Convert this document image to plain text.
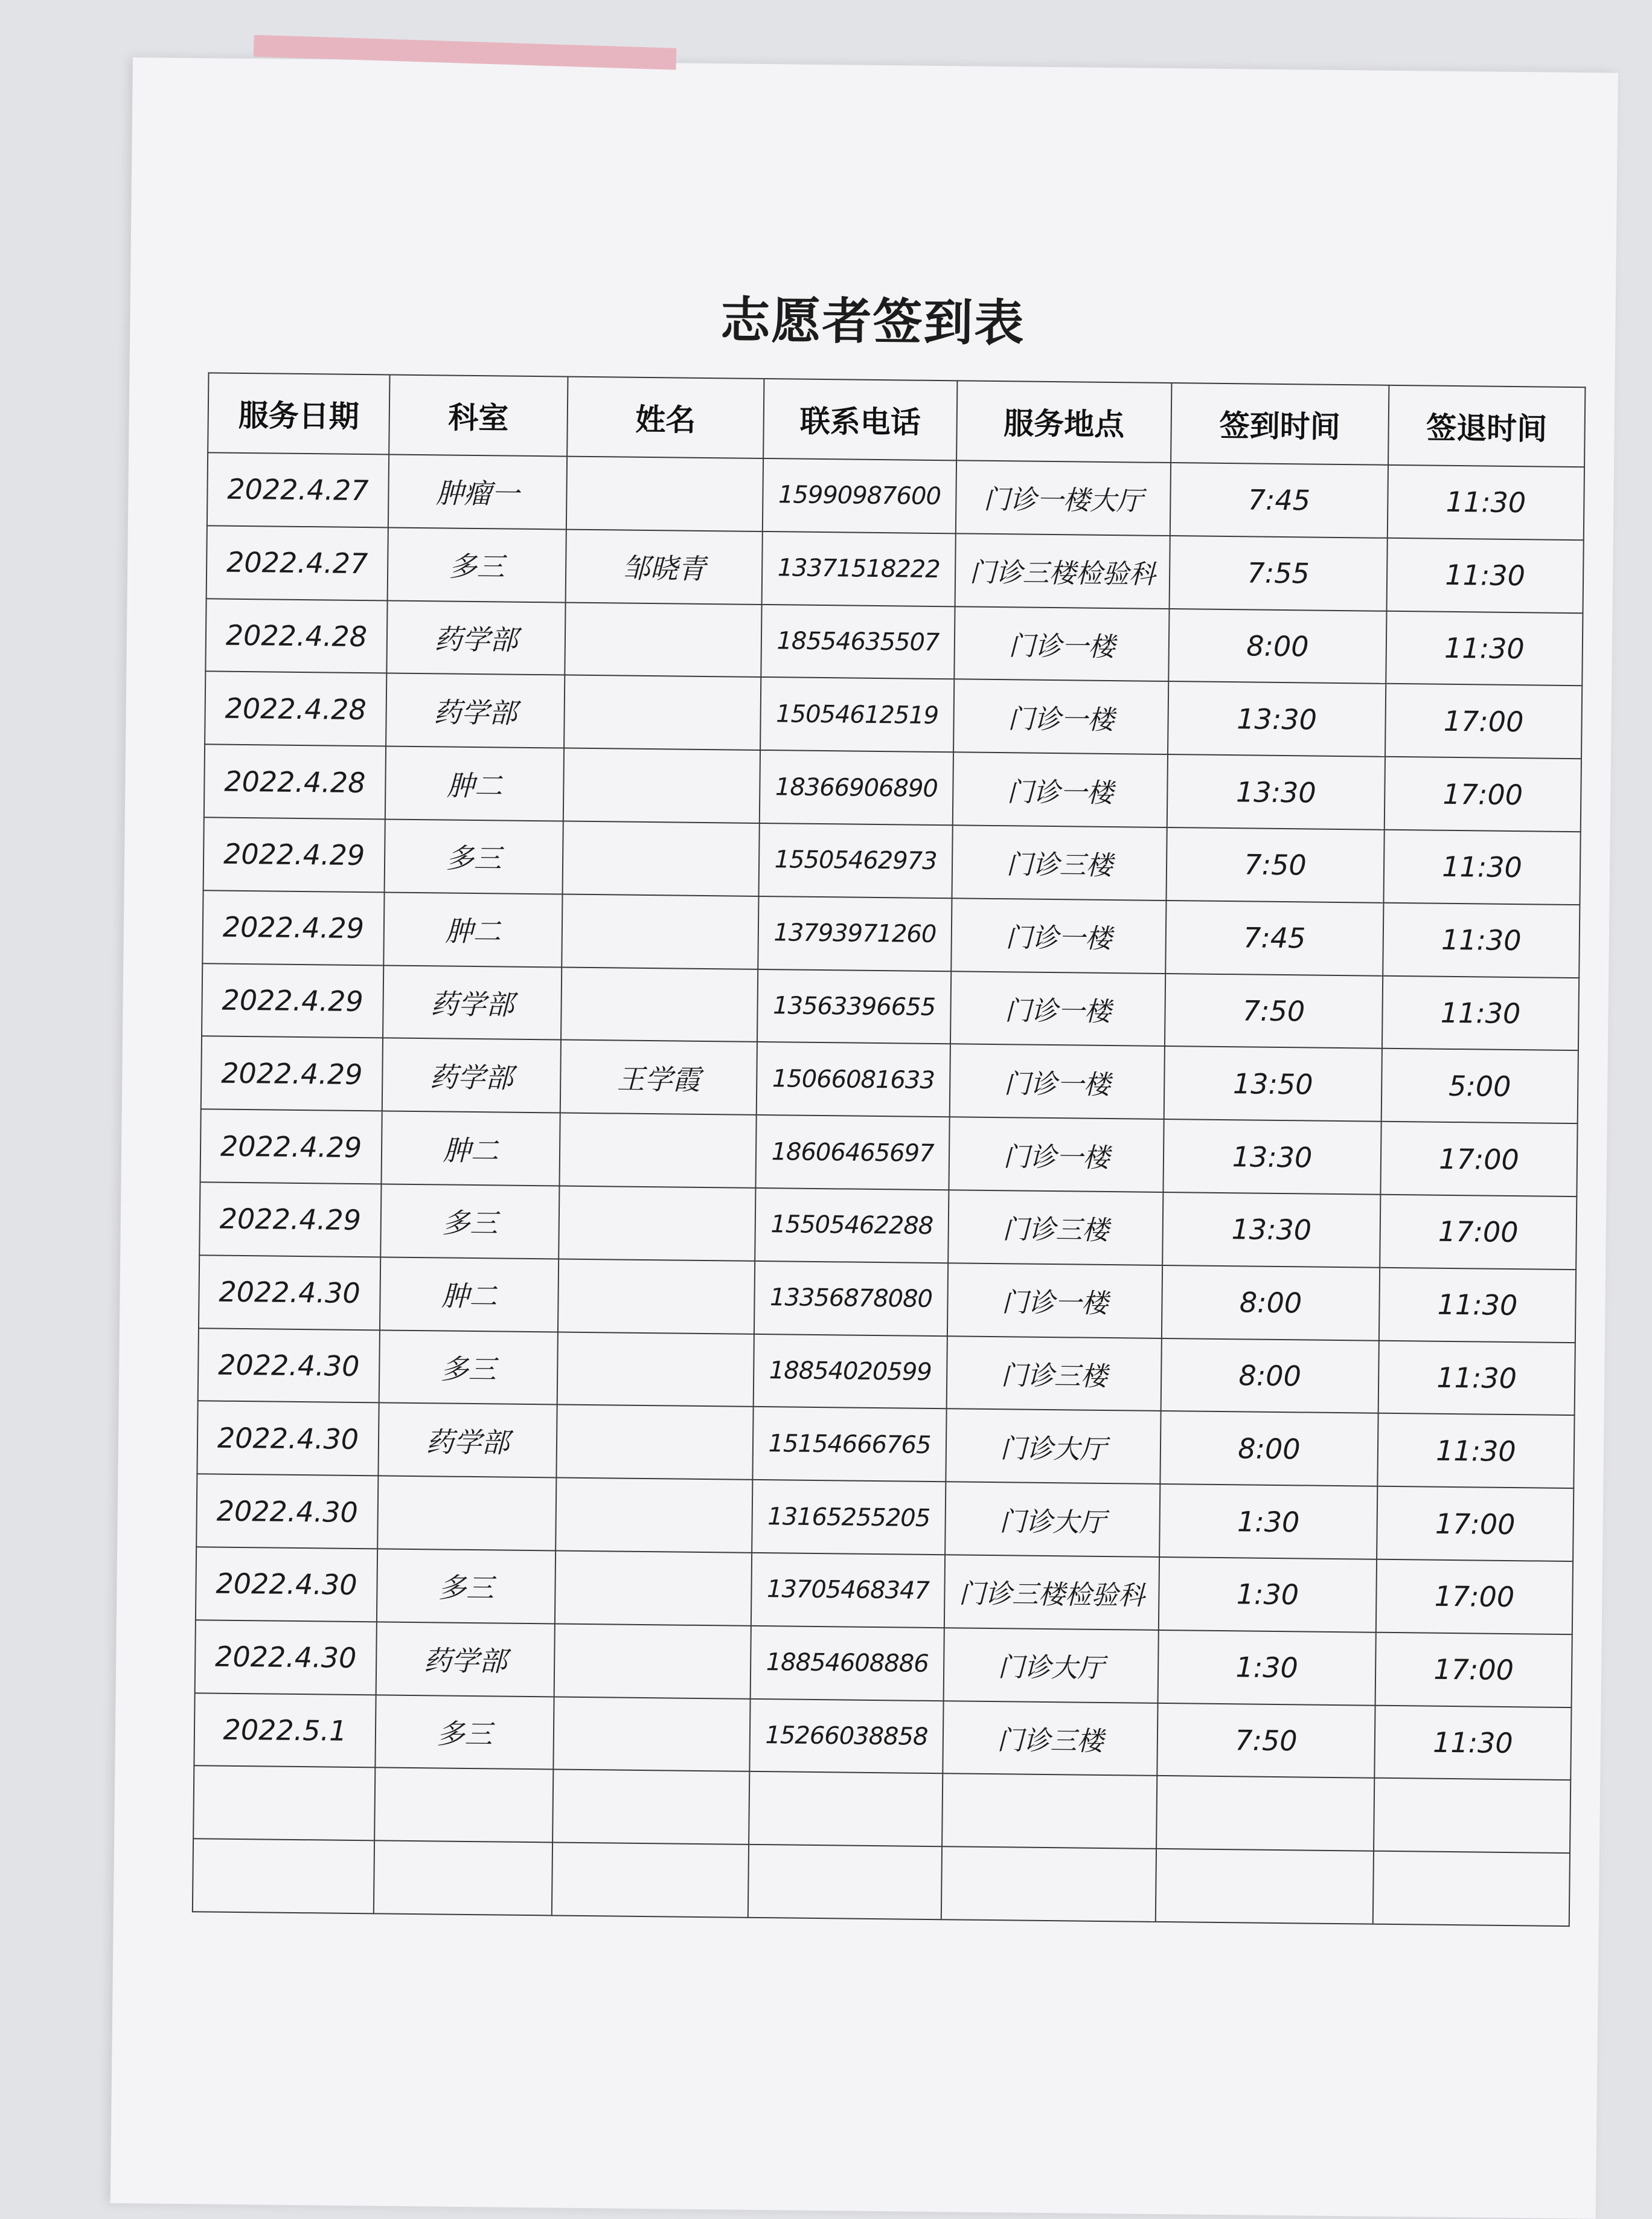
志愿者签到表
服务日期	科室	姓名	联系电话	服务地点	签到时间	签退时间
2022.4.27	肿瘤一		15990987600	门诊一楼大厅	7:45	11:30
2022.4.27	多三	邹晓青	13371518222	门诊三楼检验科	7:55	11:30
2022.4.28	药学部		18554635507	门诊一楼	8:00	11:30
2022.4.28	药学部		15054612519	门诊一楼	13:30	17:00
2022.4.28	肿二		18366906890	门诊一楼	13:30	17:00
2022.4.29	多三		15505462973	门诊三楼	7:50	11:30
2022.4.29	肿二		13793971260	门诊一楼	7:45	11:30
2022.4.29	药学部		13563396655	门诊一楼	7:50	11:30
2022.4.29	药学部	王学霞	15066081633	门诊一楼	13:50	5:00
2022.4.29	肿二		18606465697	门诊一楼	13:30	17:00
2022.4.29	多三		15505462288	门诊三楼	13:30	17:00
2022.4.30	肿二		13356878080	门诊一楼	8:00	11:30
2022.4.30	多三		18854020599	门诊三楼	8:00	11:30
2022.4.30	药学部		15154666765	门诊大厅	8:00	11:30
2022.4.30			13165255205	门诊大厅	1:30	17:00
2022.4.30	多三		13705468347	门诊三楼检验科	1:30	17:00
2022.4.30	药学部		18854608886	门诊大厅	1:30	17:00
2022.5.1	多三		15266038858	门诊三楼	7:50	11:30
